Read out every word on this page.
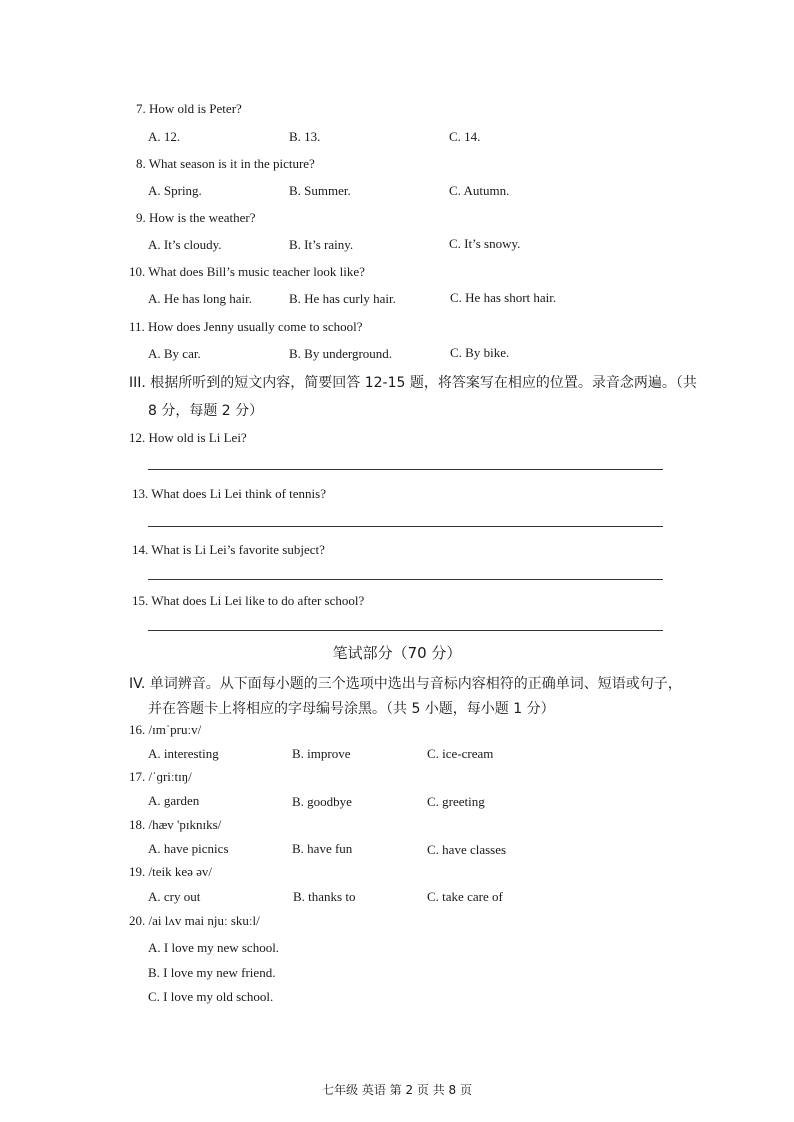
7. How old is Peter?
A. 12.	B. 13.	C. 14.
8. What season is it in the picture?
A. Spring.	B. Summer.	C. Autumn.
9. How is the weather?
A. It’s cloudy.	B. It’s rainy.	C. It’s snowy.
10. What does Bill’s music teacher look like?
A. He has long hair.	B. He has curly hair.	C. He has short hair.
11. How does Jenny usually come to school?
A. By car.	B. By underground.	C. By bike.
III. 根据所听到的短文内容，简要回答 12-15 题，将答案写在相应的位置。录音念两遍。（共
8 分，每题 2 分）
12. How old is Li Lei?
13. What does Li Lei think of tennis?
14. What is Li Lei’s favorite subject?
15. What does Li Lei like to do after school?
笔试部分（70 分）
IV. 单词辨音。从下面每小题的三个选项中选出与音标内容相符的正确单词、短语或句子，
并在答题卡上将相应的字母编号涂黑。（共 5 小题，每小题 1 分）
16. /ɪmˈpruːv/
A. interesting	B. improve	C. ice-cream
17. /ˈɡriːtɪŋ/
A. garden	B. goodbye	C. greeting
18. /hæv 'pɪknɪks/
A. have picnics	B. have fun	C. have classes
19. /teik keə əv/
A. cry out	B. thanks to	C. take care of
20. /ai lʌv mai njuː skuːl/
A. I love my new school.
B. I love my new friend.
C. I love my old school.
七年级 英语 第 2 页 共 8 页
